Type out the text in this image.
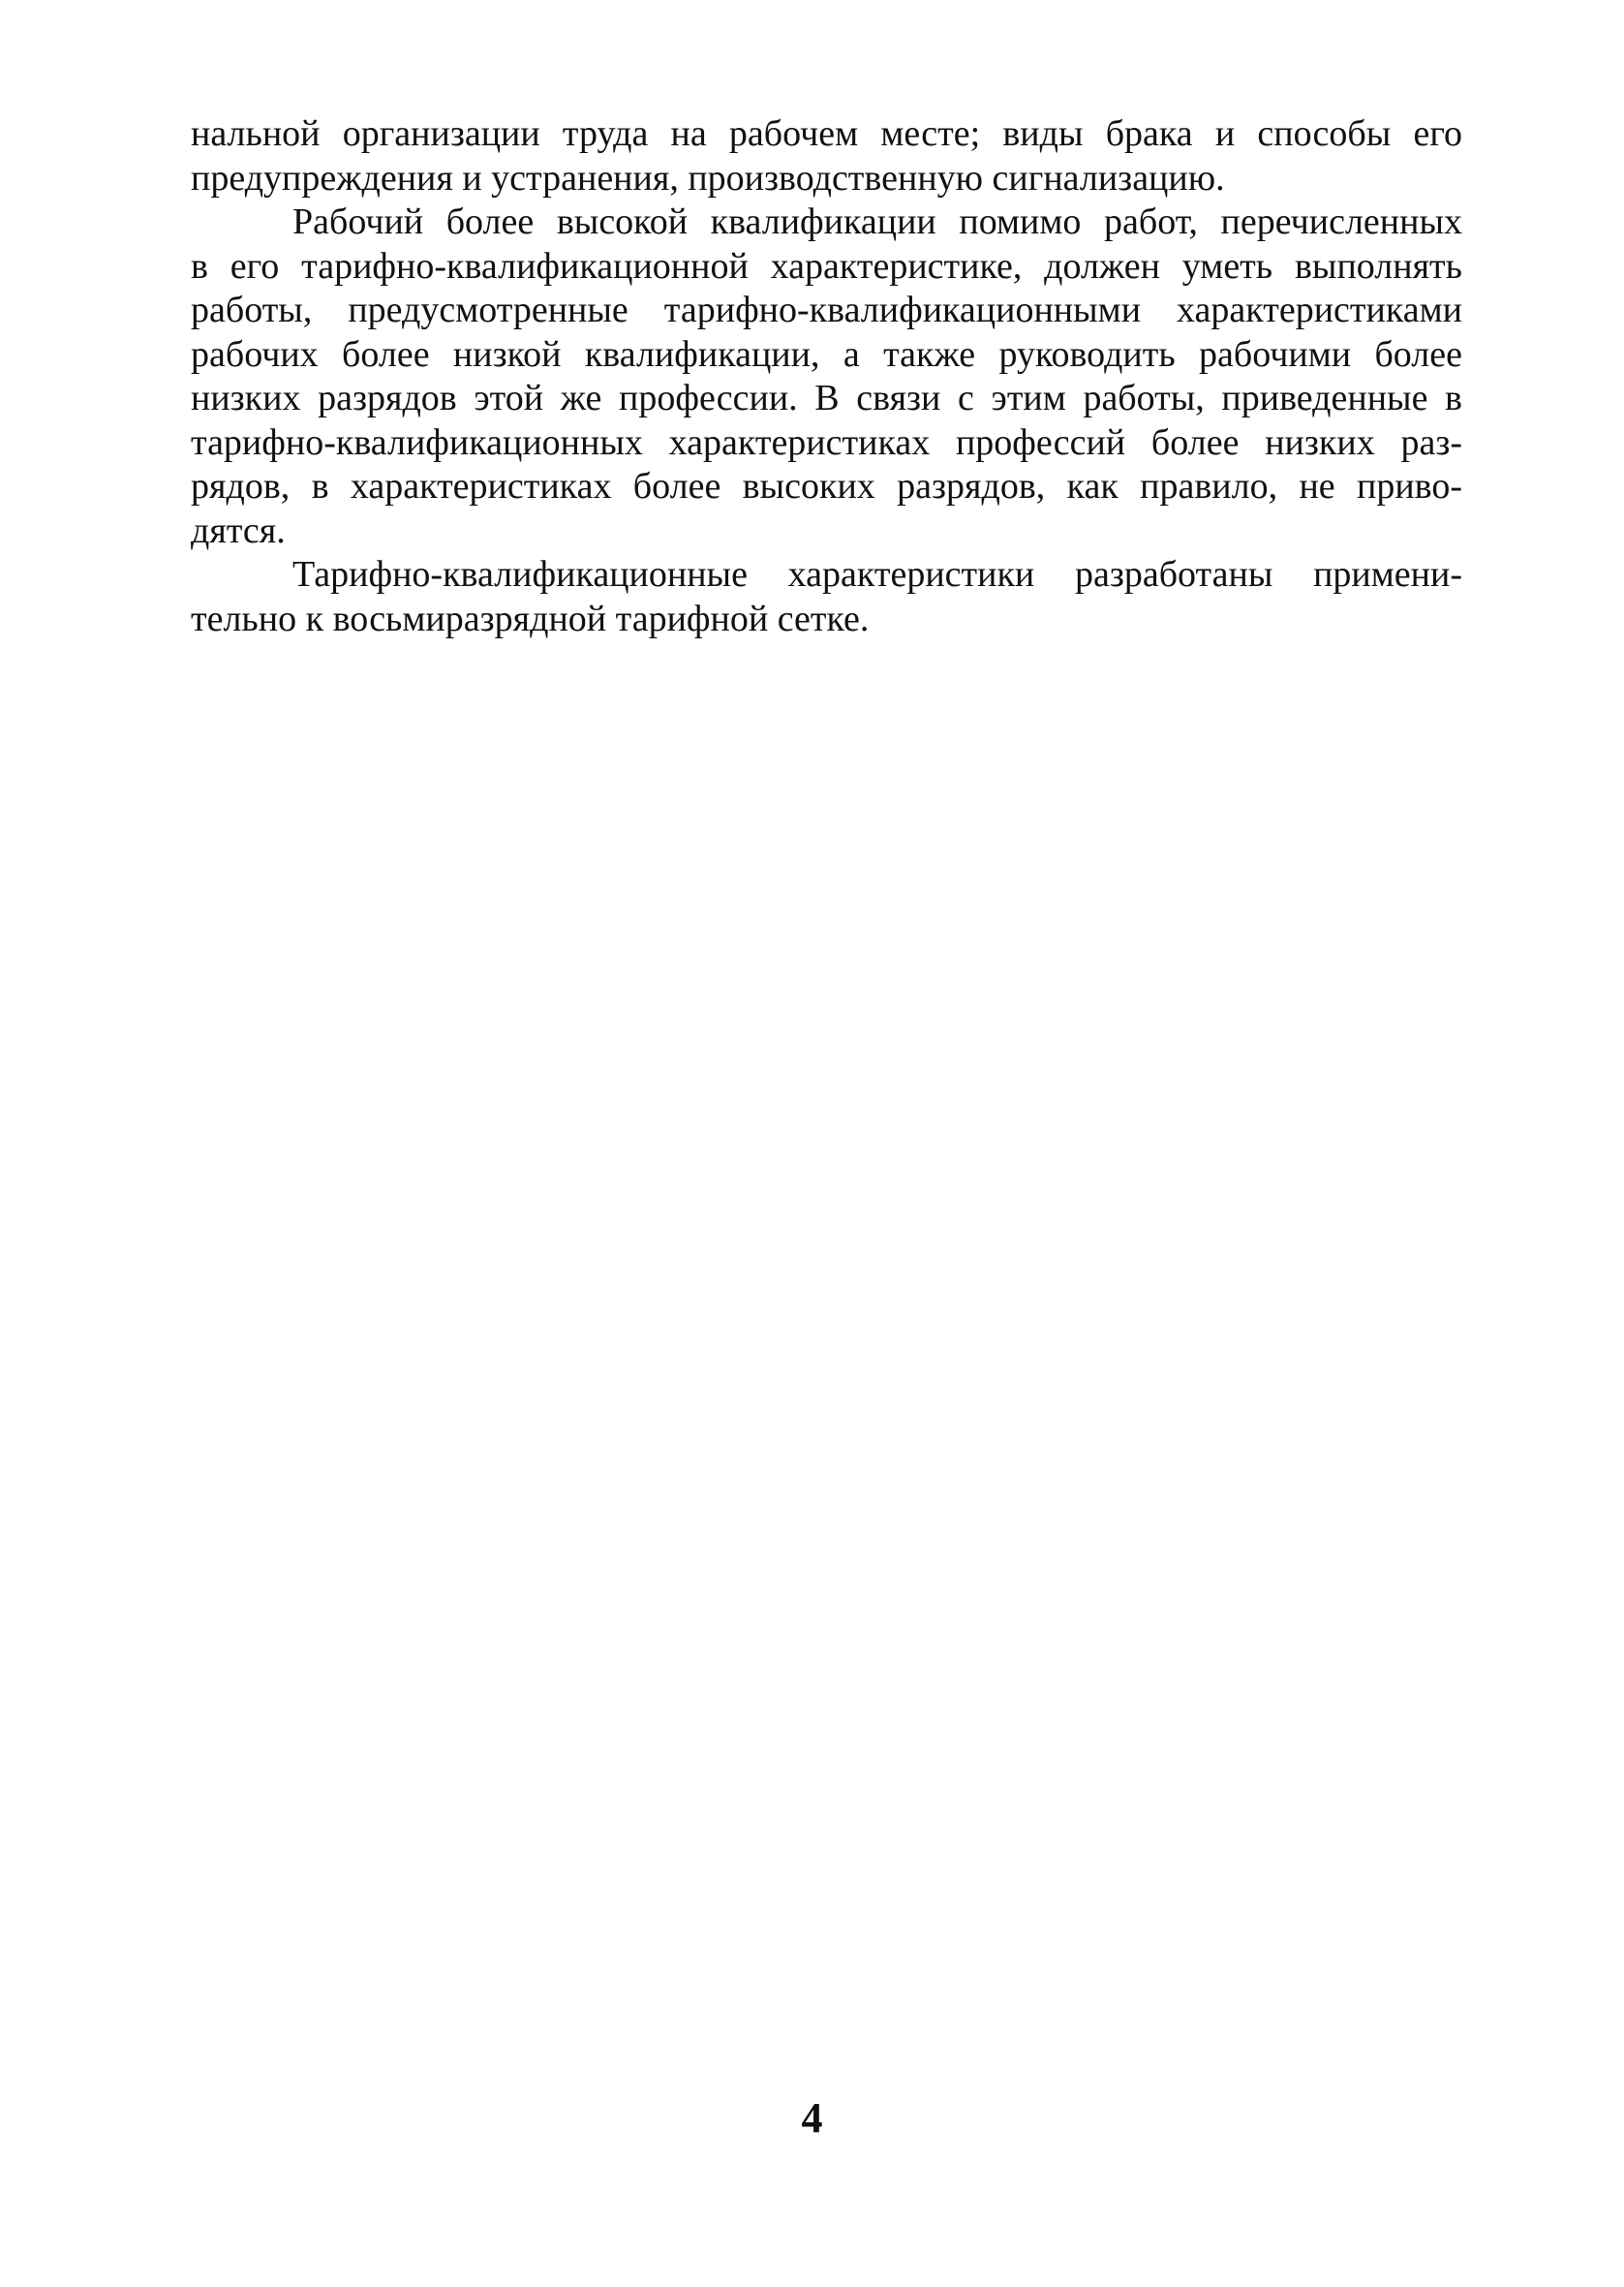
нальной организации труда на рабочем месте; виды брака и способы его
предупреждения и устранения, производственную сигнализацию.

Рабочий более высокой квалификации помимо работ, перечисленных
в его тарифно-квалификационной характеристике, должен уметь выполнять
работы, предусмотренные тарифно-квалификационными характеристиками
рабочих более низкой квалификации, а также руководить рабочими более
низких разрядов этой же профессии. В связи с этим работы, приведенные в
тарифно-квалификационных характеристиках профессий более низких раз-
рядов, в характеристиках более высоких разрядов, как правило, не приво-
дятся.

Тарифно-квалификационные характеристики разработаны примени-
тельно к восьмиразрядной тарифной сетке.

4
